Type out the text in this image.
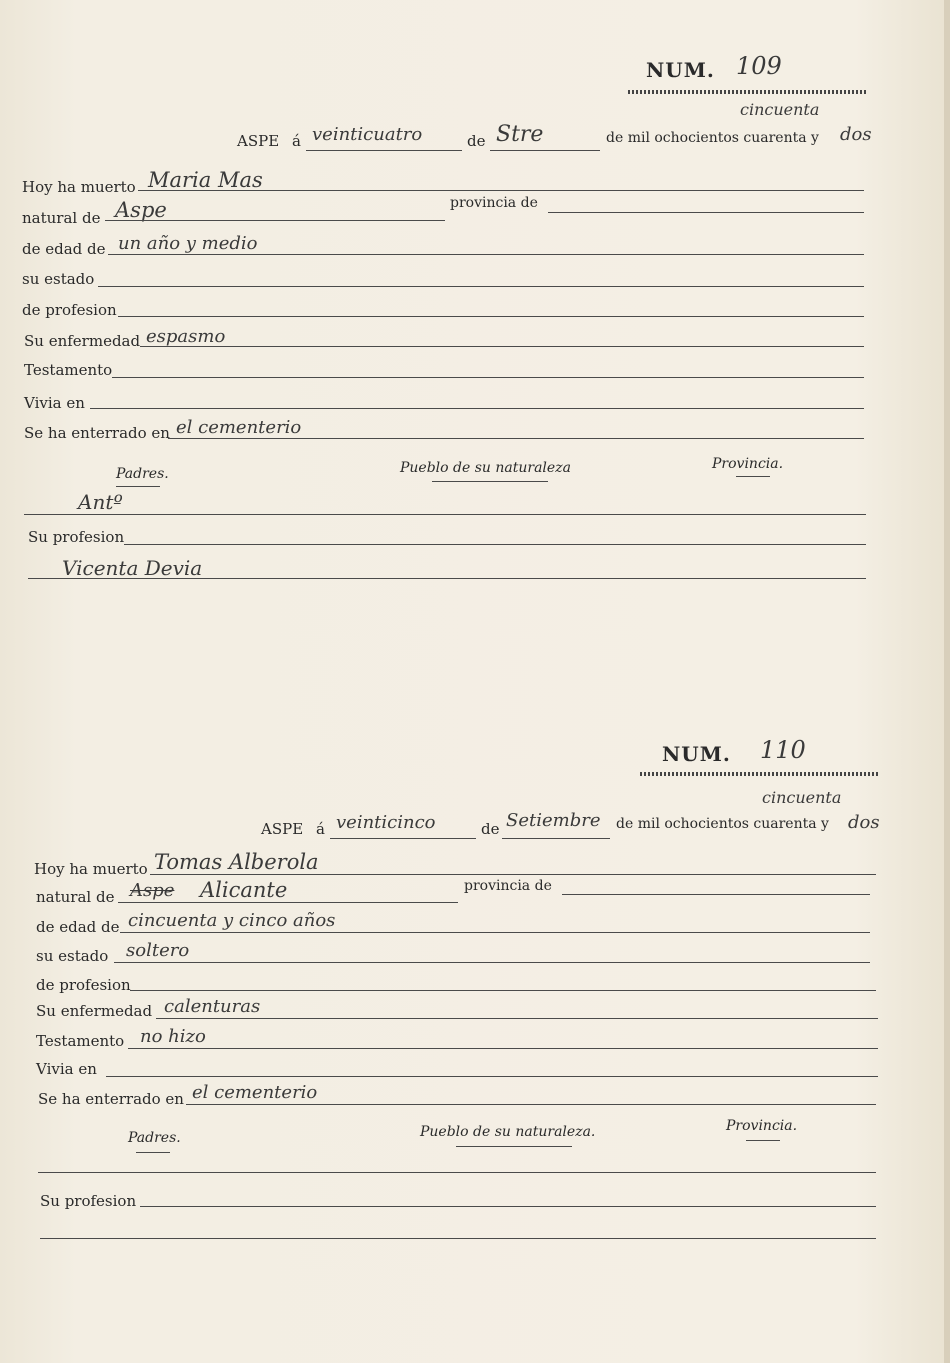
NUM. 109
cincuenta
ASPE á veinticuatro	de Stre	de mil ochocientos cuarenta y dos
Hoy ha muerto Maria Mas
natural de Aspe	provincia de
de edad de un año y medio
su estado
de profesion
Su enfermedad espasmo
Testamento
Vivia en
Se ha enterrado en el cementerio
Padres.	Pueblo de su naturaleza	Provincia.
Antº
Su profesion
Vicenta Devia
NUM. 110
cincuenta
ASPE á veinticinco	de Setiembre de mil ochocientos cuarenta y dos
Hoy ha muerto Tomas Alberola
natural de Aspe Alicante	provincia de
de edad de cincuenta y cinco años
su estado soltero
de profesion
Su enfermedad calenturas
Testamento no hizo
Vivia en
Se ha enterrado en el cementerio
Padres.	Pueblo de su naturaleza.	Provincia.
Su profesion
